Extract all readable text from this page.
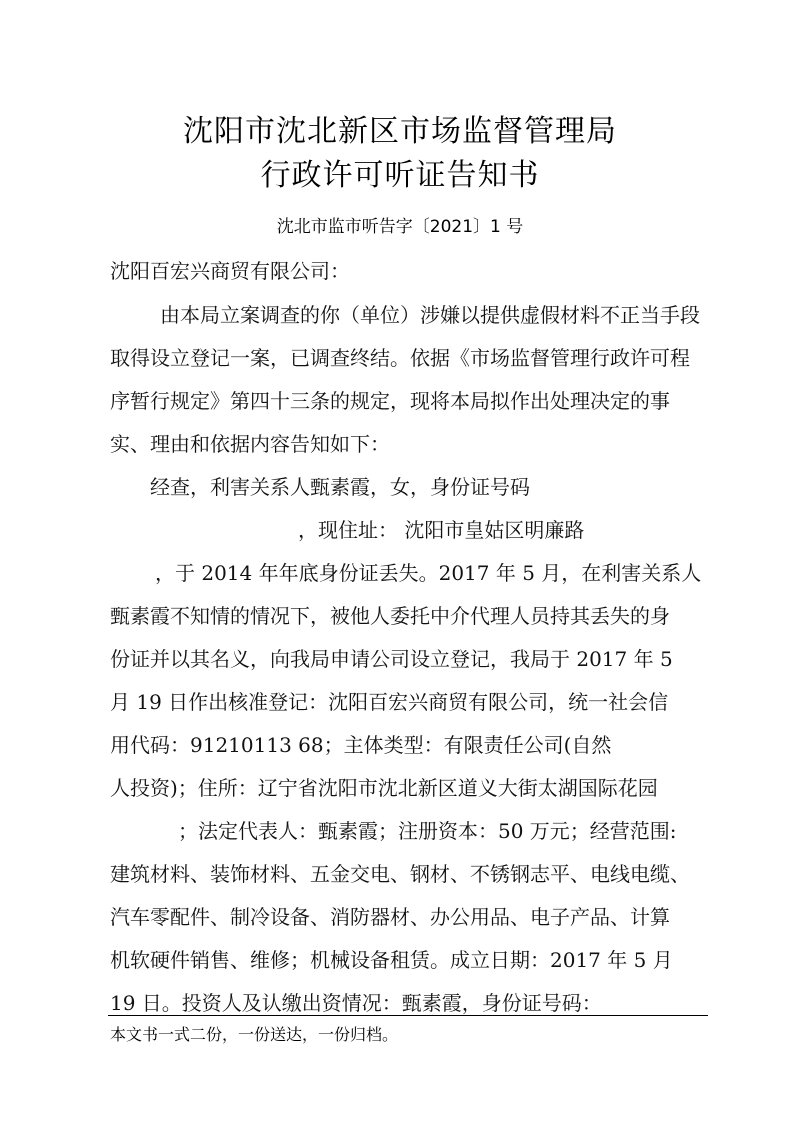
沈阳市沈北新区市场监督管理局
行政许可听证告知书
沈北市监市听告字〔2021〕1 号
沈阳百宏兴商贸有限公司：
由本局立案调查的你（单位）涉嫌以提供虚假材料不正当手段
取得设立登记一案，已调查终结。依据《市场监督管理行政许可程
序暂行规定》第四十三条的规定，现将本局拟作出处理决定的事
实、理由和依据内容告知如下：
经查，利害关系人甄素霞，女，身份证号码
，现住址： 沈阳市皇姑区明廉路
，于 2014 年年底身份证丢失。2017 年 5 月，在利害关系人
甄素霞不知情的情况下，被他人委托中介代理人员持其丢失的身
份证并以其名义，向我局申请公司设立登记，我局于 2017 年 5
月 19 日作出核准登记：沈阳百宏兴商贸有限公司，统一社会信
用代码：91210113 68；主体类型：有限责任公司(自然
人投资)；住所：辽宁省沈阳市沈北新区道义大街太湖国际花园
；法定代表人：甄素霞；注册资本：50 万元；经营范围:
建筑材料、装饰材料、五金交电、钢材、不锈钢志平、电线电缆、
汽车零配件、制冷设备、消防器材、办公用品、电子产品、计算
机软硬件销售、维修；机械设备租赁。成立日期：2017 年 5 月
19 日。投资人及认缴出资情况：甄素霞，身份证号码：
本文书一式二份，一份送达，一份归档。
